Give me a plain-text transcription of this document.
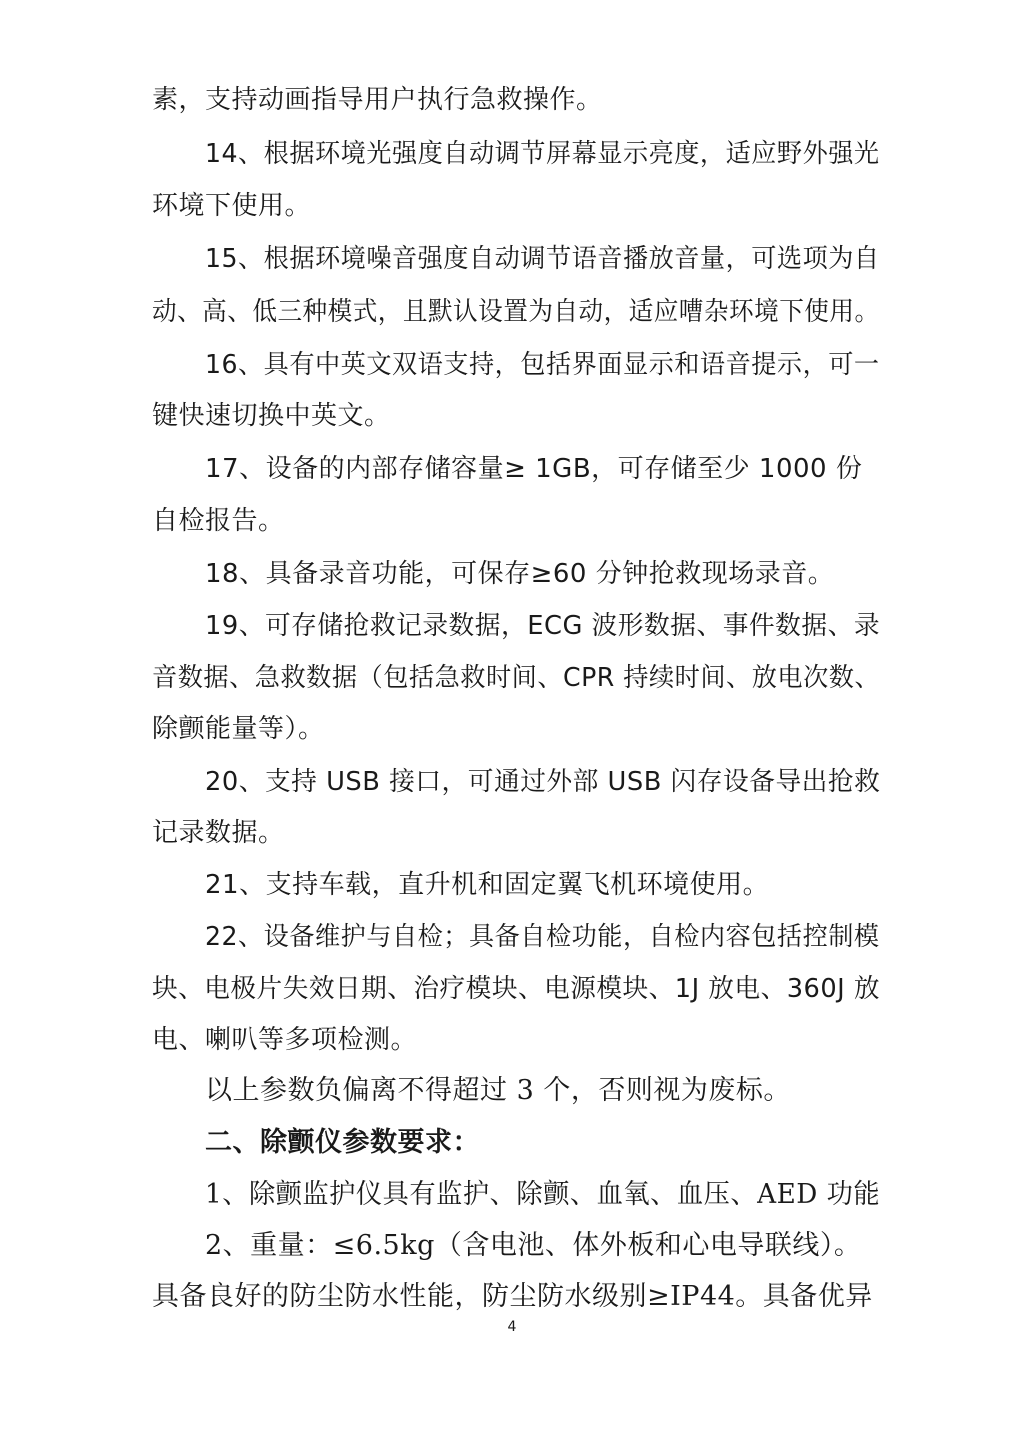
素，支持动画指导用户执行急救操作。
14、根据环境光强度自动调节屏幕显示亮度，适应野外强光
环境下使用。
15、根据环境噪音强度自动调节语音播放音量，可选项为自
动、高、低三种模式，且默认设置为自动，适应嘈杂环境下使用。
16、具有中英文双语支持，包括界面显示和语音提示，可一
键快速切换中英文。
17、设备的内部存储容量≥ 1GB，可存储至少 1000 份
自检报告。
18、具备录音功能，可保存≥60 分钟抢救现场录音。
19、可存储抢救记录数据，ECG 波形数据、事件数据、录
音数据、急救数据（包括急救时间、CPR 持续时间、放电次数、
除颤能量等）。
20、支持 USB 接口，可通过外部 USB 闪存设备导出抢救
记录数据。
21、支持车载，直升机和固定翼飞机环境使用。
22、设备维护与自检；具备自检功能，自检内容包括控制模
块、电极片失效日期、治疗模块、电源模块、1J 放电、360J 放
电、喇叭等多项检测。
以上参数负偏离不得超过 3 个，否则视为废标。
二、除颤仪参数要求：
1、除颤监护仪具有监护、除颤、血氧、血压、AED 功能
2、重量：≤6.5kg（含电池、体外板和心电导联线）。
具备良好的防尘防水性能，防尘防水级别≥IP44。具备优异
4
